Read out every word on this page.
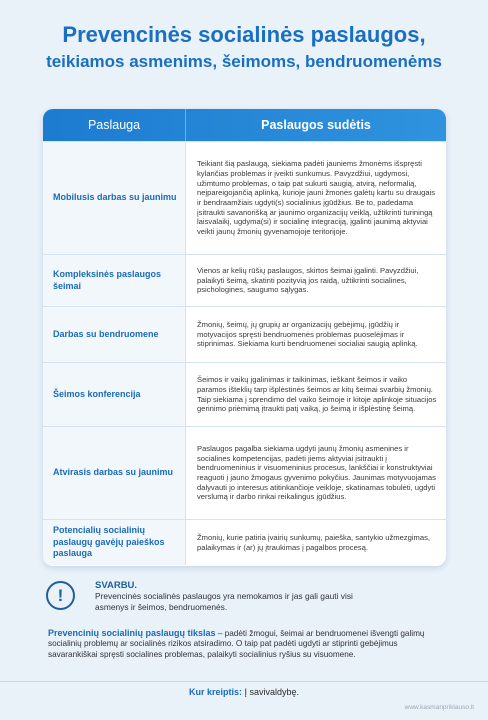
Prevencinės socialinės paslaugos,
teikiamos asmenims, šeimoms, bendruomenėms
Paslauga	Paslaugos sudėtis
Mobilusis darbas su jaunimu
Teikiant šią paslaugą, siekiama padėti jauniems žmonėms išspręsti kylančias problemas ir įveikti sunkumus. Pavyzdžiui, ugdymosi, užimtumo problemas, o taip pat sukurti saugią, atvirą, neformalią, neįpareigojančią aplinką, kurioje jauni žmonės galėtų kartu su draugais ir bendraamžiais ugdyti(s) socialinius įgūdžius. Be to, padedama įsitraukti savanorišką ar jaunimo organizacijų veiklą, užtikrinti turiningą laisvalaikį, ugdyma(si) ir socialinę integraciją, įgalinti jaunimą aktyviai veikti jaunų žmonių gyvenamojoje teritorijoje.
Kompleksinės paslaugos šeimai
Vienos ar kelių rūšių paslaugos, skirtos šeimai įgalinti. Pavyzdžiui, palaikyti šeimą, skatinti pozityvią jos raidą, užtikrinti socialines, psichologines, saugumo sąlygas.
Darbas su bendruomene
Žmonių, šeimų, jų grupių ar organizacijų gebėjimų, įgūdžių ir motyvacijos spręsti bendruomenės problemas puoselėjimas ir stiprinimas. Siekiama kurti bendruomenei socialiai saugią aplinką.
Šeimos konferencija
Šeimos ir vaikų įgalinimas ir taikinimas, ieškant šeimos ir vaiko paramos išteklių tarp išplėstinės šeimos ar kitų šeimai svarbių žmonių. Taip siekiama į sprendimo del vaiko šeimoje ir kitoje aplinkoje situacijos gerinimo priėmimą įtraukti patį vaiką, jo šeimą ir išplėstinę šeimą.
Atvirasis darbas su jaunimu
Paslaugos pagalba siekiama ugdyti jaunų žmonių asmenines ir socialines kompetencijas, padėti jiems aktyviai įsitraukti į bendruomeninius ir visuomeninius procesus, lankščiai ir konstruktyviai reaguoti į jauno žmogaus gyvenimo pokyčius. Jaunimas motyvuojamas dalyvauti jo interesus atitinkančioje veikloje, skatinamas tobulėti, ugdyti verslumą ir darbo rinkai reikalingus įgūdžius.
Potencialių socialinių paslaugų gavėjų paieškos paslauga
Žmonių, kurie patiria įvairių sunkumų, paieška, santykio užmezgimas, palaikymas ir (ar) jų įtraukimas į pagalbos procesą.
!	SVARBU.
Prevencinės socialinės paslaugos yra nemokamos ir jas gali gauti visi asmenys ir šeimos, bendruomenės.
Prevencinių socialinių paslaugų tikslas – padėti žmogui, šeimai ar bendruomenei išvengti galimų socialinių problemų ar socialinės rizikos atsiradimo. O taip pat padėti ugdyti ar stiprinti gebėjimus savarankiškai spręsti socialines problemas, palaikyti socialinius ryšius su visuomene.
Kur kreiptis: Į savivaldybę.
www.kasmanpriklauso.lt
